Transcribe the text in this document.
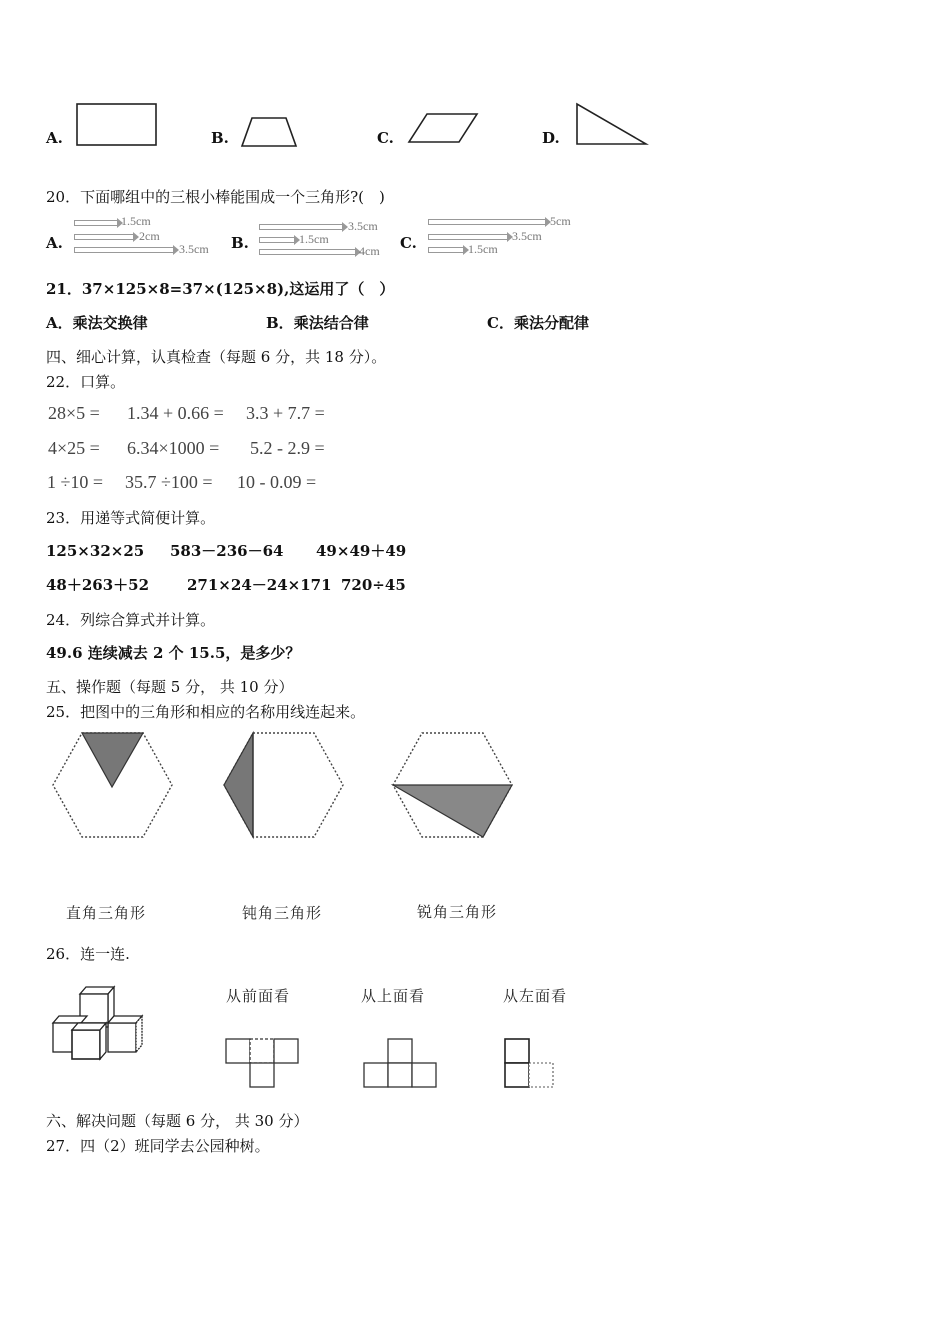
A.	B.	C.	D.
20．下面哪组中的三根小棒能围成一个三角形?(　)
A.
1.5cm
2cm
3.5cm B.
3.5cm
1.5cm
4cm C.
5cm
3.5cm
1.5cm
21．37×125×8=37×(125×8),这运用了（　）
A．乘法交换律	B．乘法结合律	C．乘法分配律
四、细心计算，认真检查（每题 6 分，共 18 分）。
22．口算。
28×5 = 1.34 + 0.66 = 3.3 + 7.7 =
4×25 = 6.34×1000 = 5.2 - 2.9 =
1 ÷10 = 35.7 ÷100 = 10 - 0.09 =
23．用递等式简便计算。
125×32×25 583－236－64 49×49＋49
48＋263＋52	271×24－24×171 720÷45
24．列综合算式并计算。
49.6 连续减去 2 个 15.5，是多少？
五、操作题（每题 5 分， 共 10 分）
25．把图中的三角形和相应的名称用线连起来。
直角三角形	钝角三角形	锐角三角形
26．连一连.
从前面看	从上面看	从左面看
六、解决问题（每题 6 分， 共 30 分）
27．四（2）班同学去公园种树。
